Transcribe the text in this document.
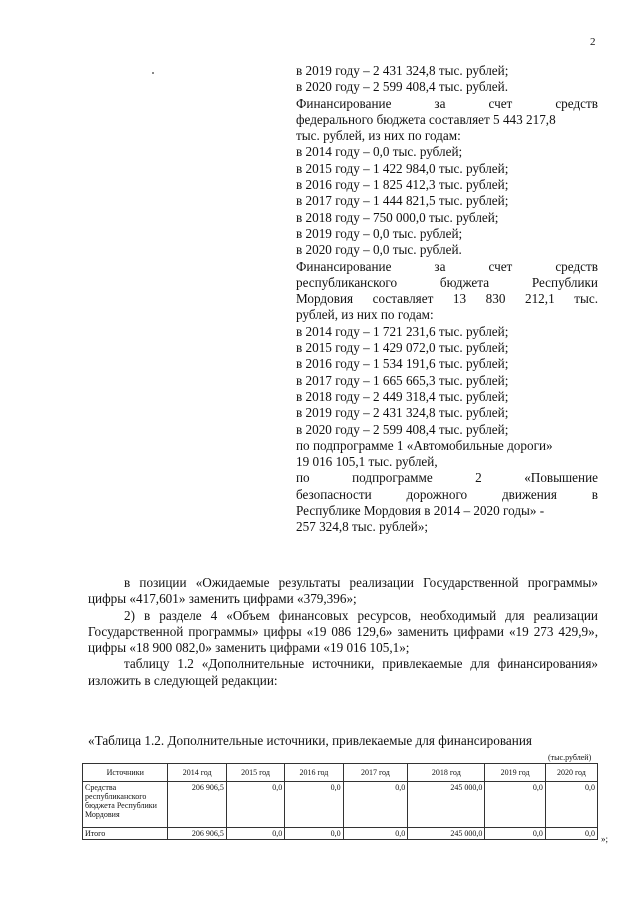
2
в 2019 году – 2 431 324,8 тыс. рублей;
в 2020 году – 2 599 408,4 тыс. рублей.
Финансирование за счет средств
федерального бюджета составляет 5 443 217,8
тыс. рублей, из них по годам:
в 2014 году – 0,0 тыс. рублей;
в 2015 году – 1 422 984,0 тыс. рублей;
в 2016 году – 1 825 412,3 тыс. рублей;
в 2017 году – 1 444 821,5 тыс. рублей;
в 2018 году – 750 000,0 тыс. рублей;
в 2019 году – 0,0 тыс. рублей;
в 2020 году – 0,0 тыс. рублей.
Финансирование за счет средств
республиканского бюджета Республики
Мордовия составляет 13 830 212,1 тыс.
рублей, из них по годам:
в 2014 году – 1 721 231,6 тыс. рублей;
в 2015 году – 1 429 072,0 тыс. рублей;
в 2016 году – 1 534 191,6 тыс. рублей;
в 2017 году – 1 665 665,3 тыс. рублей;
в 2018 году – 2 449 318,4 тыс. рублей;
в 2019 году – 2 431 324,8 тыс. рублей;
в 2020 году – 2 599 408,4 тыс. рублей;
по подпрограмме 1 «Автомобильные дороги»
19 016 105,1 тыс. рублей,
по подпрограмме 2 «Повышение
безопасности дорожного движения в
Республике Мордовия в 2014 – 2020 годы» -
257 324,8 тыс. рублей»;

в позиции «Ожидаемые результаты реализации Государственной программы» цифры «417,601» заменить цифрами «379,396»;

2) в разделе 4 «Объем финансовых ресурсов, необходимый для реализации Государственной программы» цифры «19 086 129,6» заменить цифрами «19 273 429,9», цифры «18 900 082,0» заменить цифрами «19 016 105,1»;

таблицу 1.2 «Дополнительные источники, привлекаемые для финансирования» изложить в следующей редакции:

«Таблица 1.2. Дополнительные источники, привлекаемые для финансирования
(тыс.рублей)
Источники	2014 год	2015 год	2016 год	2017 год	2018 год	2019 год	2020 год
Средства республиканского бюджета Республики Мордовия	206 906,5	0,0	0,0	0,0	245 000,0	0,0	0,0
Итого	206 906,5	0,0	0,0	0,0	245 000,0	0,0	0,0
»;
